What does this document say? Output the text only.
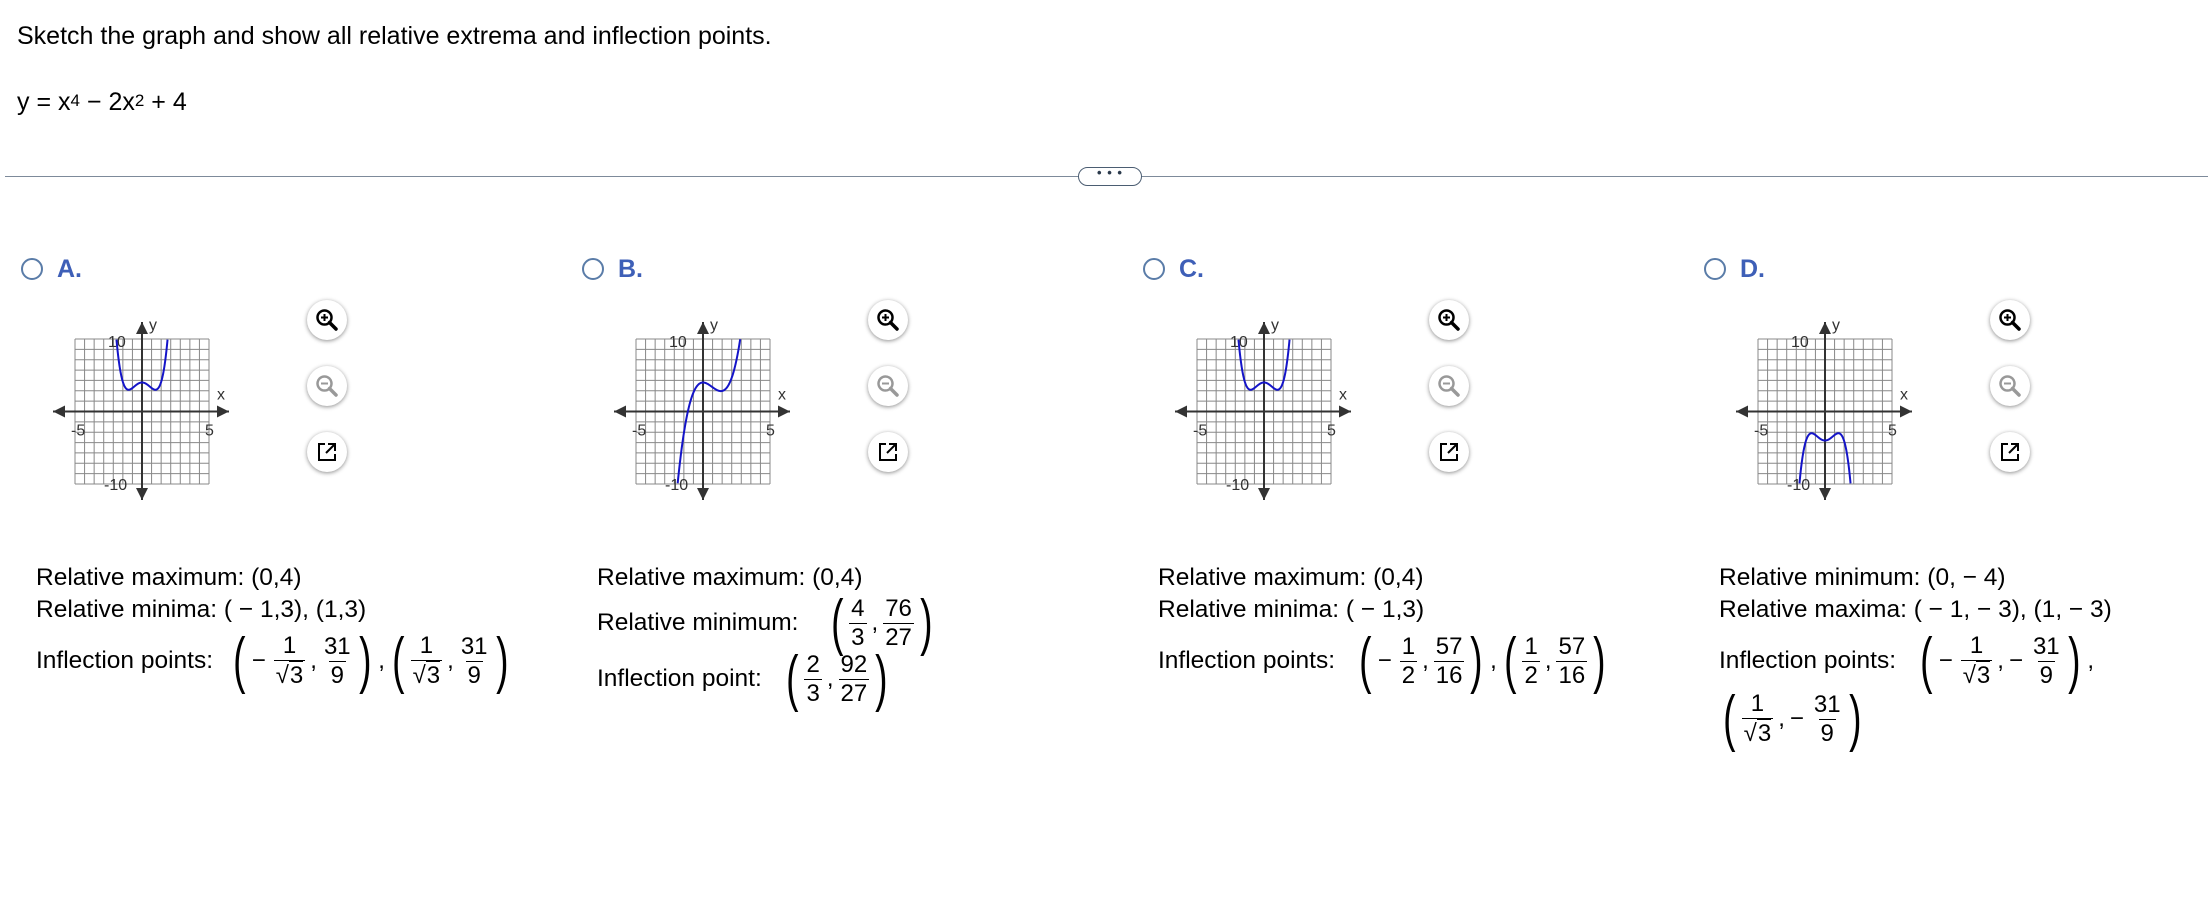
Sketch the graph and show all relative extrema and inflection points.
$y = x^4 - 2x^2 + 4$
• • •
A.
y
x
-5	5
10
-10
Relative maximum: (0,4)
Relative minima: ( − 1,3), (1,3)
Inflection points: ( − $\frac{1}{√ 3}$ , $\frac{31}{9}$ ) , ( $\frac{1}{√ 3}$ , $\frac{31}{9}$ )
B.
y
x
-5	5
10
-10
Relative maximum: (0,4)
Relative minimum: ( $\frac{4}{3}$ , $\frac{76}{27}$ )
Inflection point: ( $\frac{2}{3}$ , $\frac{92}{27}$ )
C.
y
x
-5	5
10
-10
Relative maximum: (0,4)
Relative minima: ( − 1,3)
Inflection points: ( − $\frac{1}{2}$ , $\frac{57}{16}$ ) , ( $\frac{1}{2}$ , $\frac{57}{16}$ )
D.
y
x
-5	5
10
-10
Relative minimum: (0, − 4)
Relative maxima: ( − 1, − 3), (1, − 3)
Inflection points: ( − $\frac{1}{√ 3}$ , − $\frac{31}{9}$ ) ,
( $\frac{1}{√ 3}$ , − $\frac{31}{9}$ )
